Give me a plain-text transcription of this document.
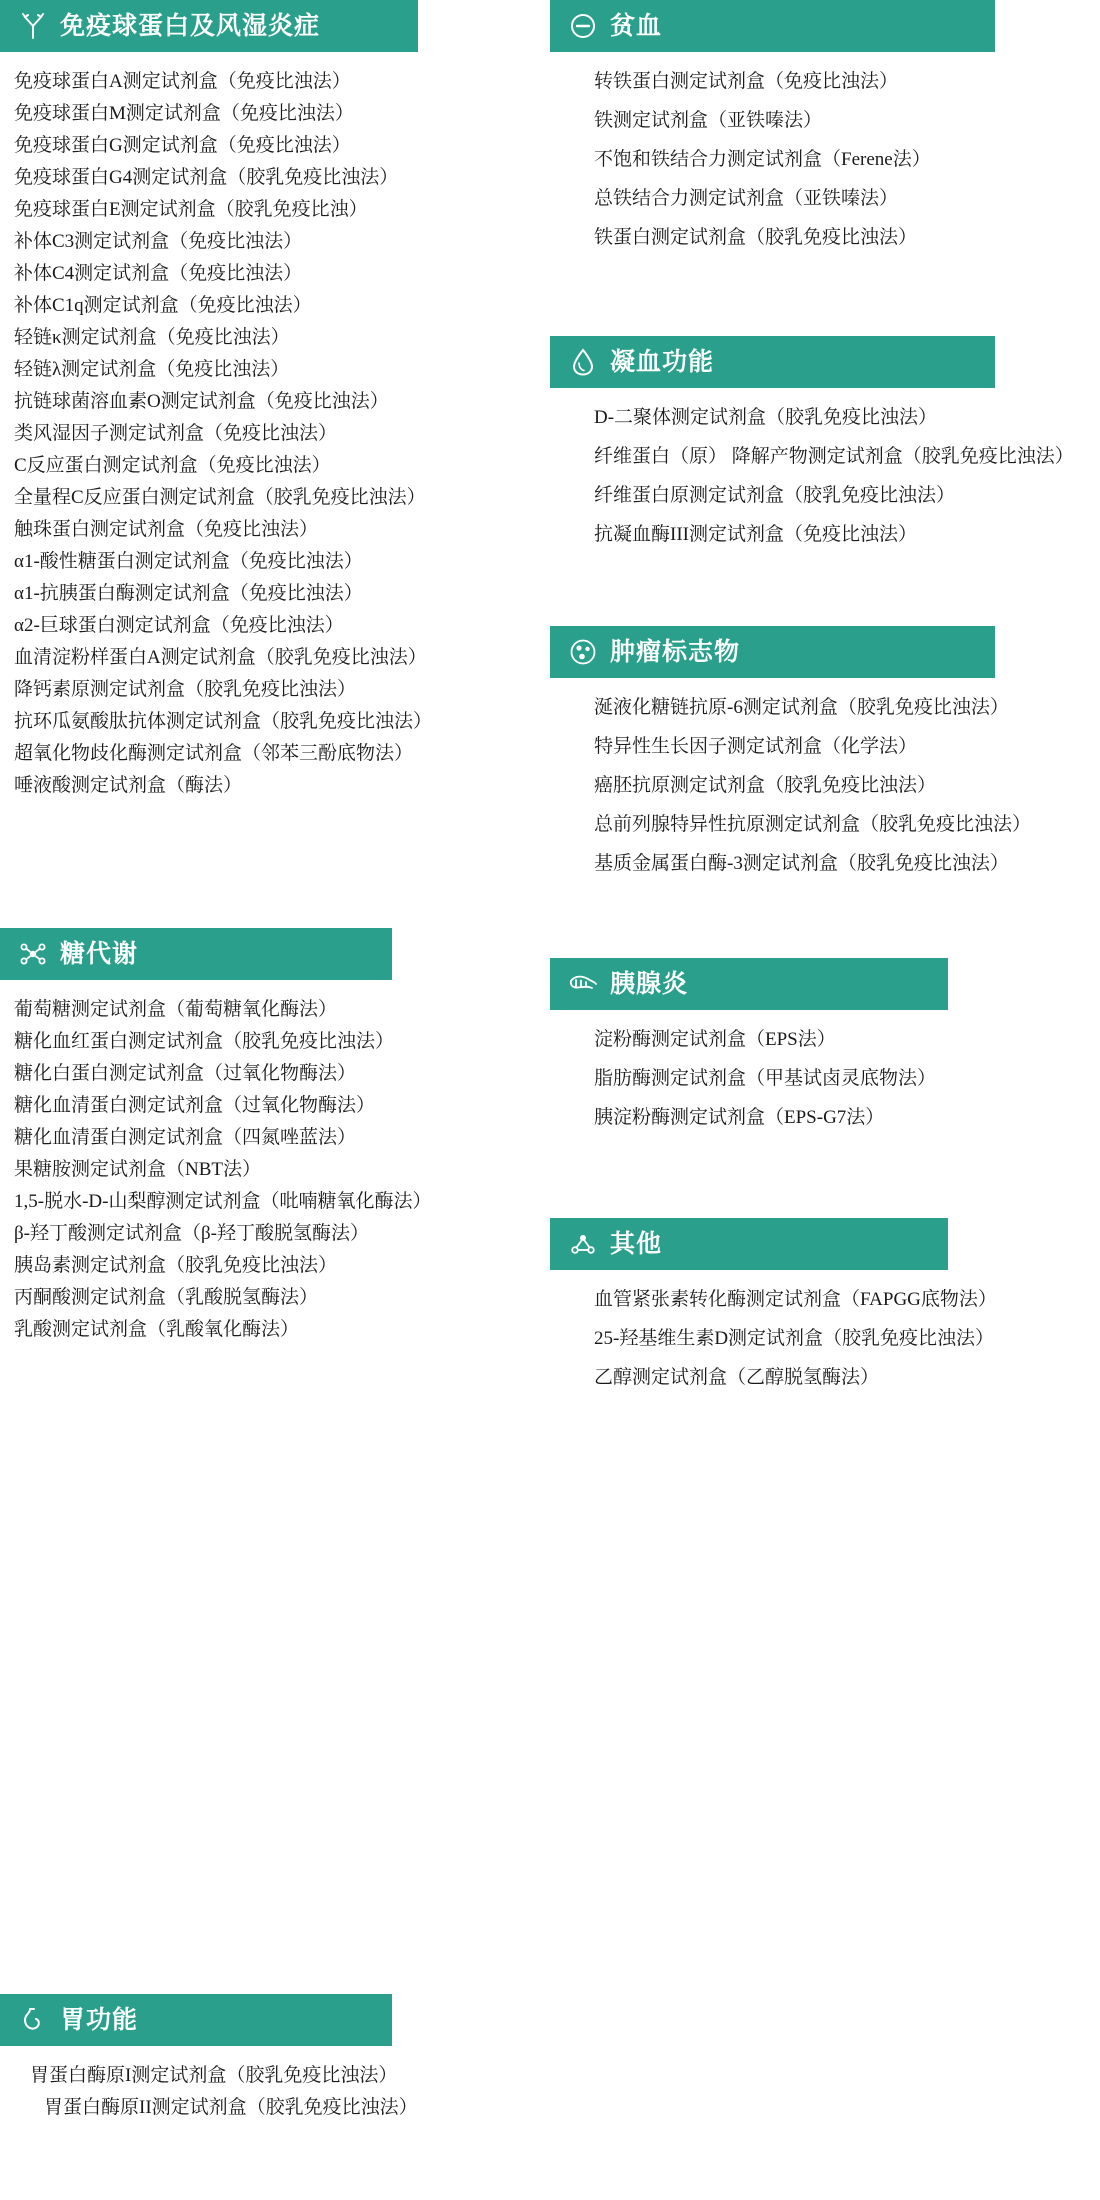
免疫球蛋白及风湿炎症
免疫球蛋白A测定试剂盒（免疫比浊法）
免疫球蛋白M测定试剂盒（免疫比浊法）
免疫球蛋白G测定试剂盒（免疫比浊法）
免疫球蛋白G4测定试剂盒（胶乳免疫比浊法）
免疫球蛋白E测定试剂盒（胶乳免疫比浊）
补体C3测定试剂盒（免疫比浊法）
补体C4测定试剂盒（免疫比浊法）
补体C1q测定试剂盒（免疫比浊法）
轻链κ测定试剂盒（免疫比浊法）
轻链λ测定试剂盒（免疫比浊法）
抗链球菌溶血素O测定试剂盒（免疫比浊法）
类风湿因子测定试剂盒（免疫比浊法）
C反应蛋白测定试剂盒（免疫比浊法）
全量程C反应蛋白测定试剂盒（胶乳免疫比浊法）
触珠蛋白测定试剂盒（免疫比浊法）
α1-酸性糖蛋白测定试剂盒（免疫比浊法）
α1-抗胰蛋白酶测定试剂盒（免疫比浊法）
α2-巨球蛋白测定试剂盒（免疫比浊法）
血清淀粉样蛋白A测定试剂盒（胶乳免疫比浊法）
降钙素原测定试剂盒（胶乳免疫比浊法）
抗环瓜氨酸肽抗体测定试剂盒（胶乳免疫比浊法）
超氧化物歧化酶测定试剂盒（邻苯三酚底物法）
唾液酸测定试剂盒（酶法）
糖代谢
葡萄糖测定试剂盒（葡萄糖氧化酶法）
糖化血红蛋白测定试剂盒（胶乳免疫比浊法）
糖化白蛋白测定试剂盒（过氧化物酶法）
糖化血清蛋白测定试剂盒（过氧化物酶法）
糖化血清蛋白测定试剂盒（四氮唑蓝法）
果糖胺测定试剂盒（NBT法）
1,5-脱水-D-山梨醇测定试剂盒（吡喃糖氧化酶法）
β-羟丁酸测定试剂盒（β-羟丁酸脱氢酶法）
胰岛素测定试剂盒（胶乳免疫比浊法）
丙酮酸测定试剂盒（乳酸脱氢酶法）
乳酸测定试剂盒（乳酸氧化酶法）
胃功能
胃蛋白酶原I测定试剂盒（胶乳免疫比浊法）
胃蛋白酶原II测定试剂盒（胶乳免疫比浊法）
贫血
转铁蛋白测定试剂盒（免疫比浊法）
铁测定试剂盒（亚铁嗪法）
不饱和铁结合力测定试剂盒（Ferene法）
总铁结合力测定试剂盒（亚铁嗪法）
铁蛋白测定试剂盒（胶乳免疫比浊法）
凝血功能
D-二聚体测定试剂盒（胶乳免疫比浊法）
纤维蛋白（原） 降解产物测定试剂盒（胶乳免疫比浊法）
纤维蛋白原测定试剂盒（胶乳免疫比浊法）
抗凝血酶III测定试剂盒（免疫比浊法）
肿瘤标志物
涎液化糖链抗原-6测定试剂盒（胶乳免疫比浊法）
特异性生长因子测定试剂盒（化学法）
癌胚抗原测定试剂盒（胶乳免疫比浊法）
总前列腺特异性抗原测定试剂盒（胶乳免疫比浊法）
基质金属蛋白酶-3测定试剂盒（胶乳免疫比浊法）
胰腺炎
淀粉酶测定试剂盒（EPS法）
脂肪酶测定试剂盒（甲基试卤灵底物法）
胰淀粉酶测定试剂盒（EPS-G7法）
其他
血管紧张素转化酶测定试剂盒（FAPGG底物法）
25-羟基维生素D测定试剂盒（胶乳免疫比浊法）
乙醇测定试剂盒（乙醇脱氢酶法）
